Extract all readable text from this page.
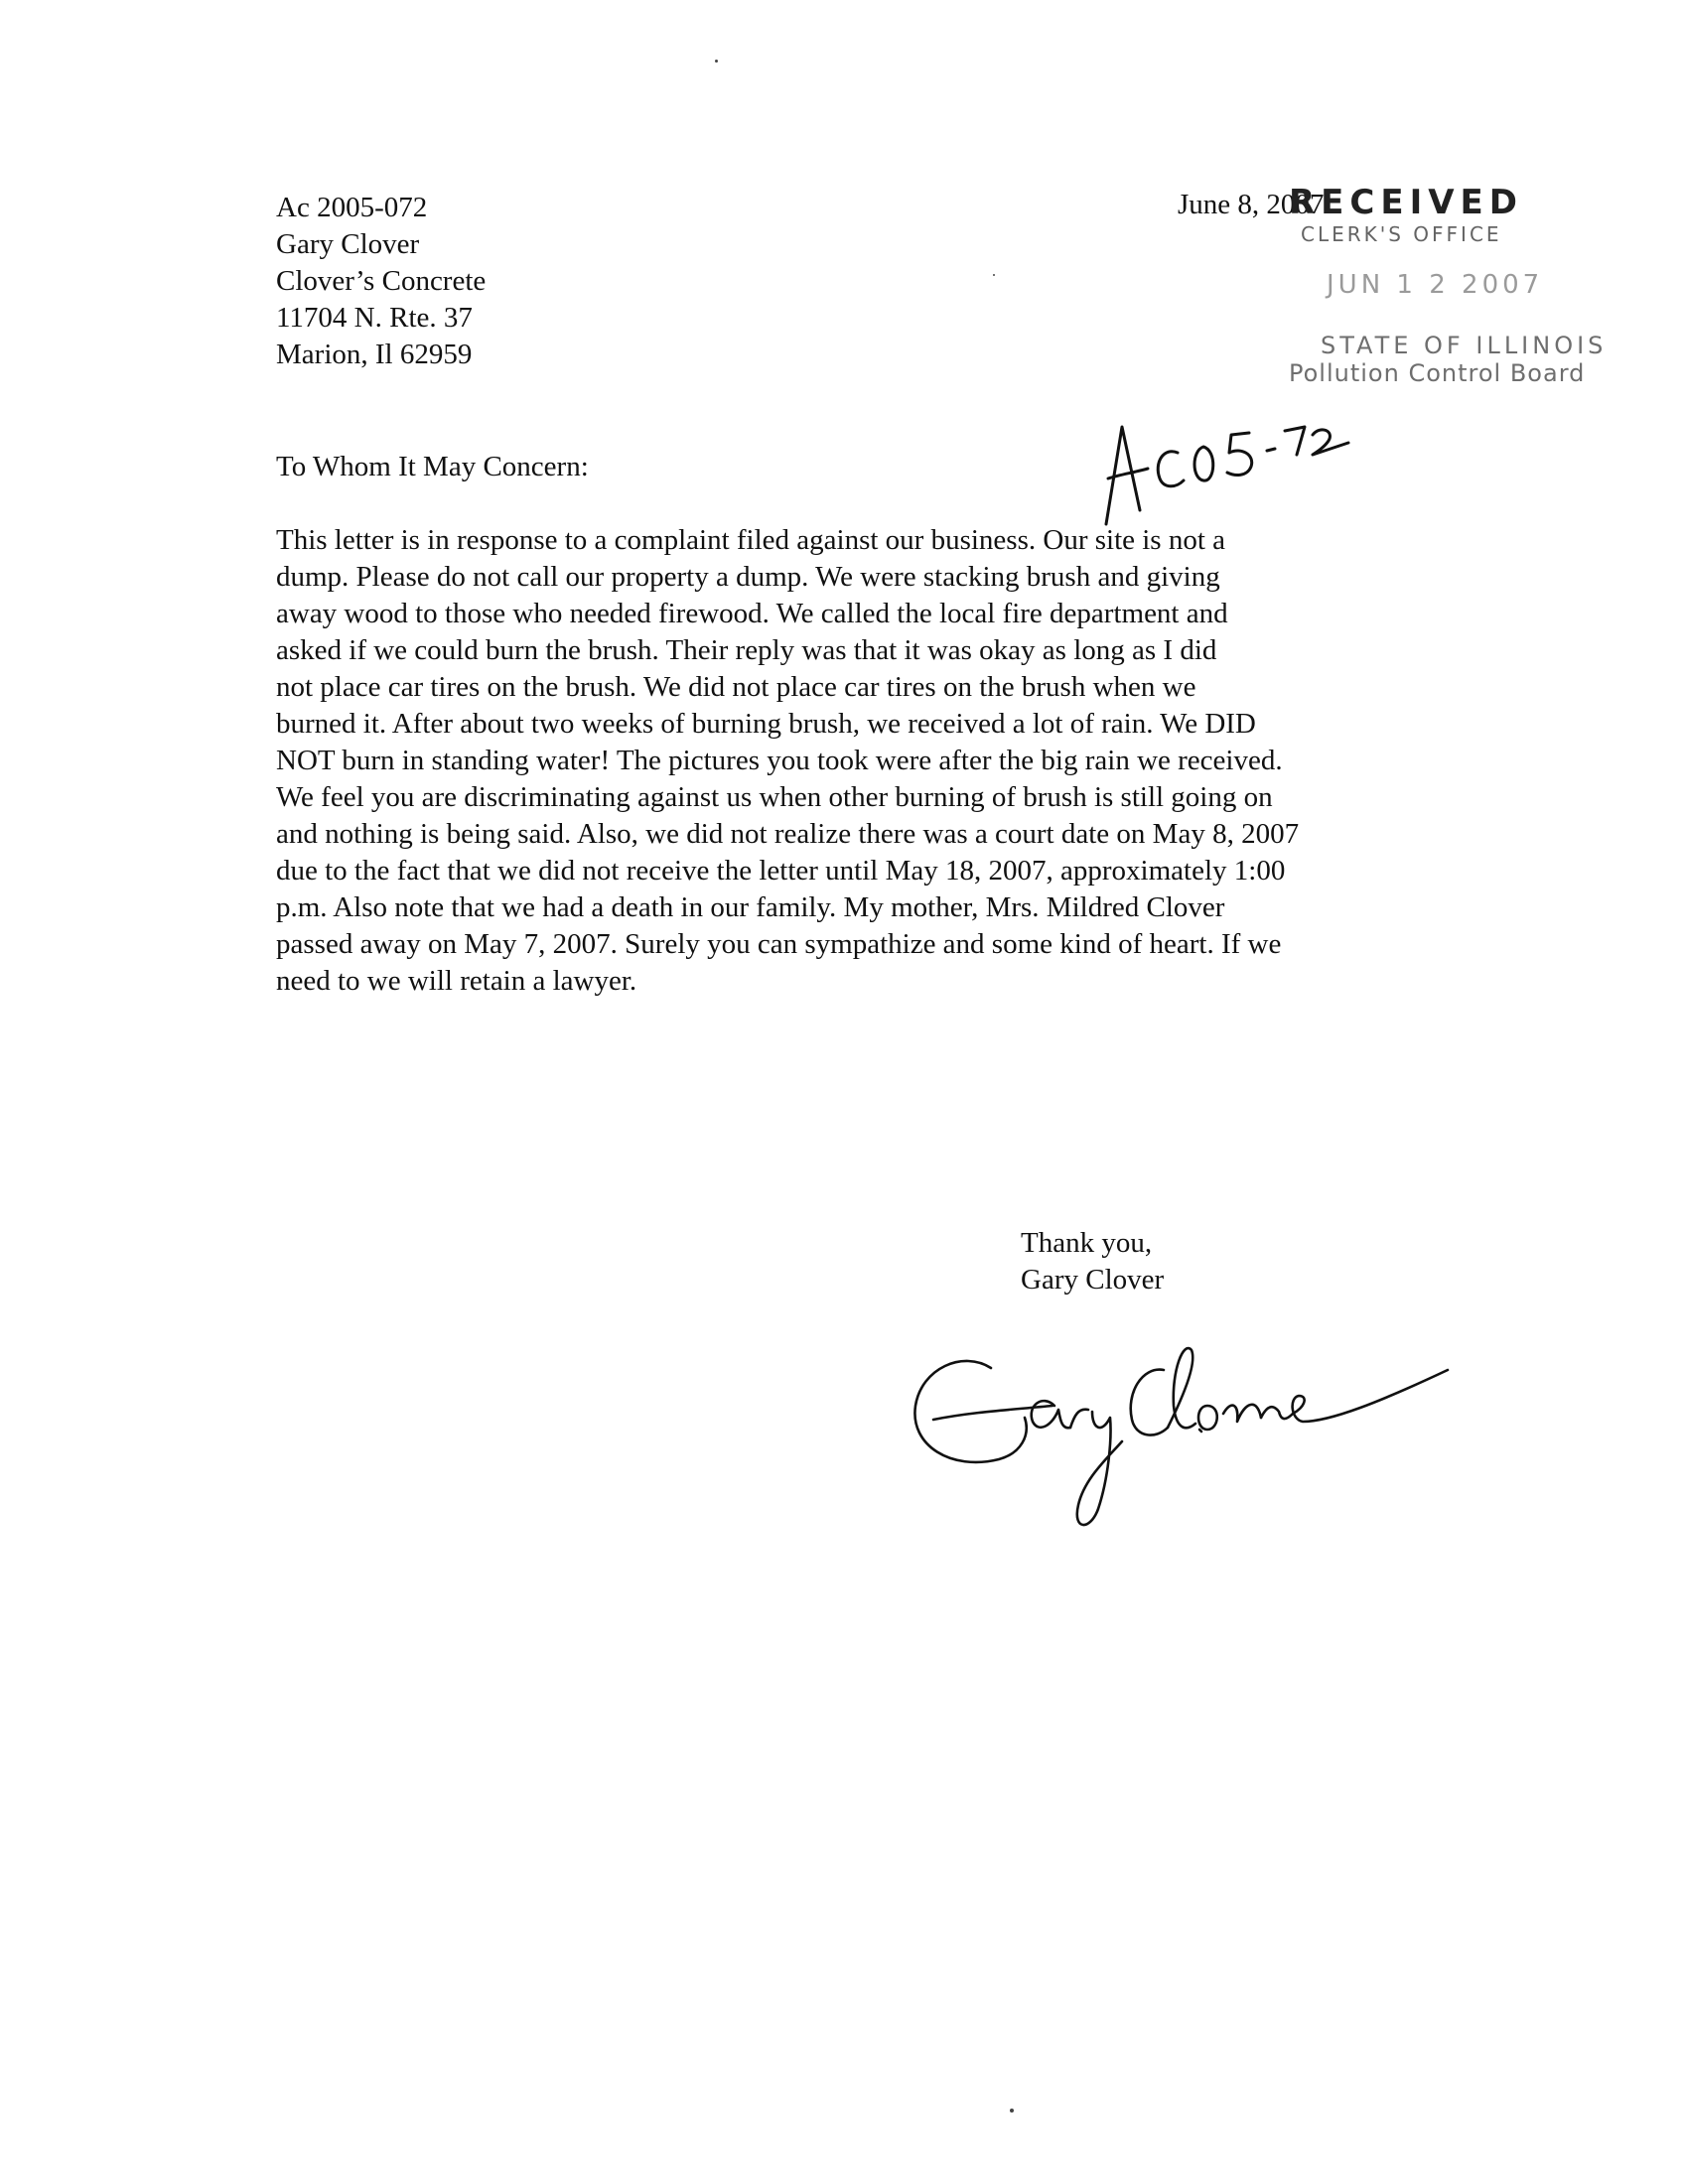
Ac 2005-072
Gary Clover
Clover’s Concrete
11704 N. Rte. 37
Marion, Il 62959
June 8, 2007
RECEIVED
CLERK'S OFFICE
JUN 1 2 2007
STATE OF ILLINOIS
Pollution Control Board
To Whom It May Concern:
This letter is in response to a complaint filed against our business. Our site is not a
dump. Please do not call our property a dump. We were stacking brush and giving
away wood to those who needed firewood. We called the local fire department and
asked if we could burn the brush. Their reply was that it was okay as long as I did
not place car tires on the brush. We did not place car tires on the brush when we
burned it. After about two weeks of burning brush, we received a lot of rain. We DID
NOT burn in standing water! The pictures you took were after the big rain we received.
We feel you are discriminating against us when other burning of brush is still going on
and nothing is being said. Also, we did not realize there was a court date on May 8, 2007
due to the fact that we did not receive the letter until May 18, 2007, approximately 1:00
p.m. Also note that we had a death in our family. My mother, Mrs. Mildred Clover
passed away on May 7, 2007. Surely you can sympathize and some kind of heart. If we
need to we will retain a lawyer.
Thank you,
Gary Clover
